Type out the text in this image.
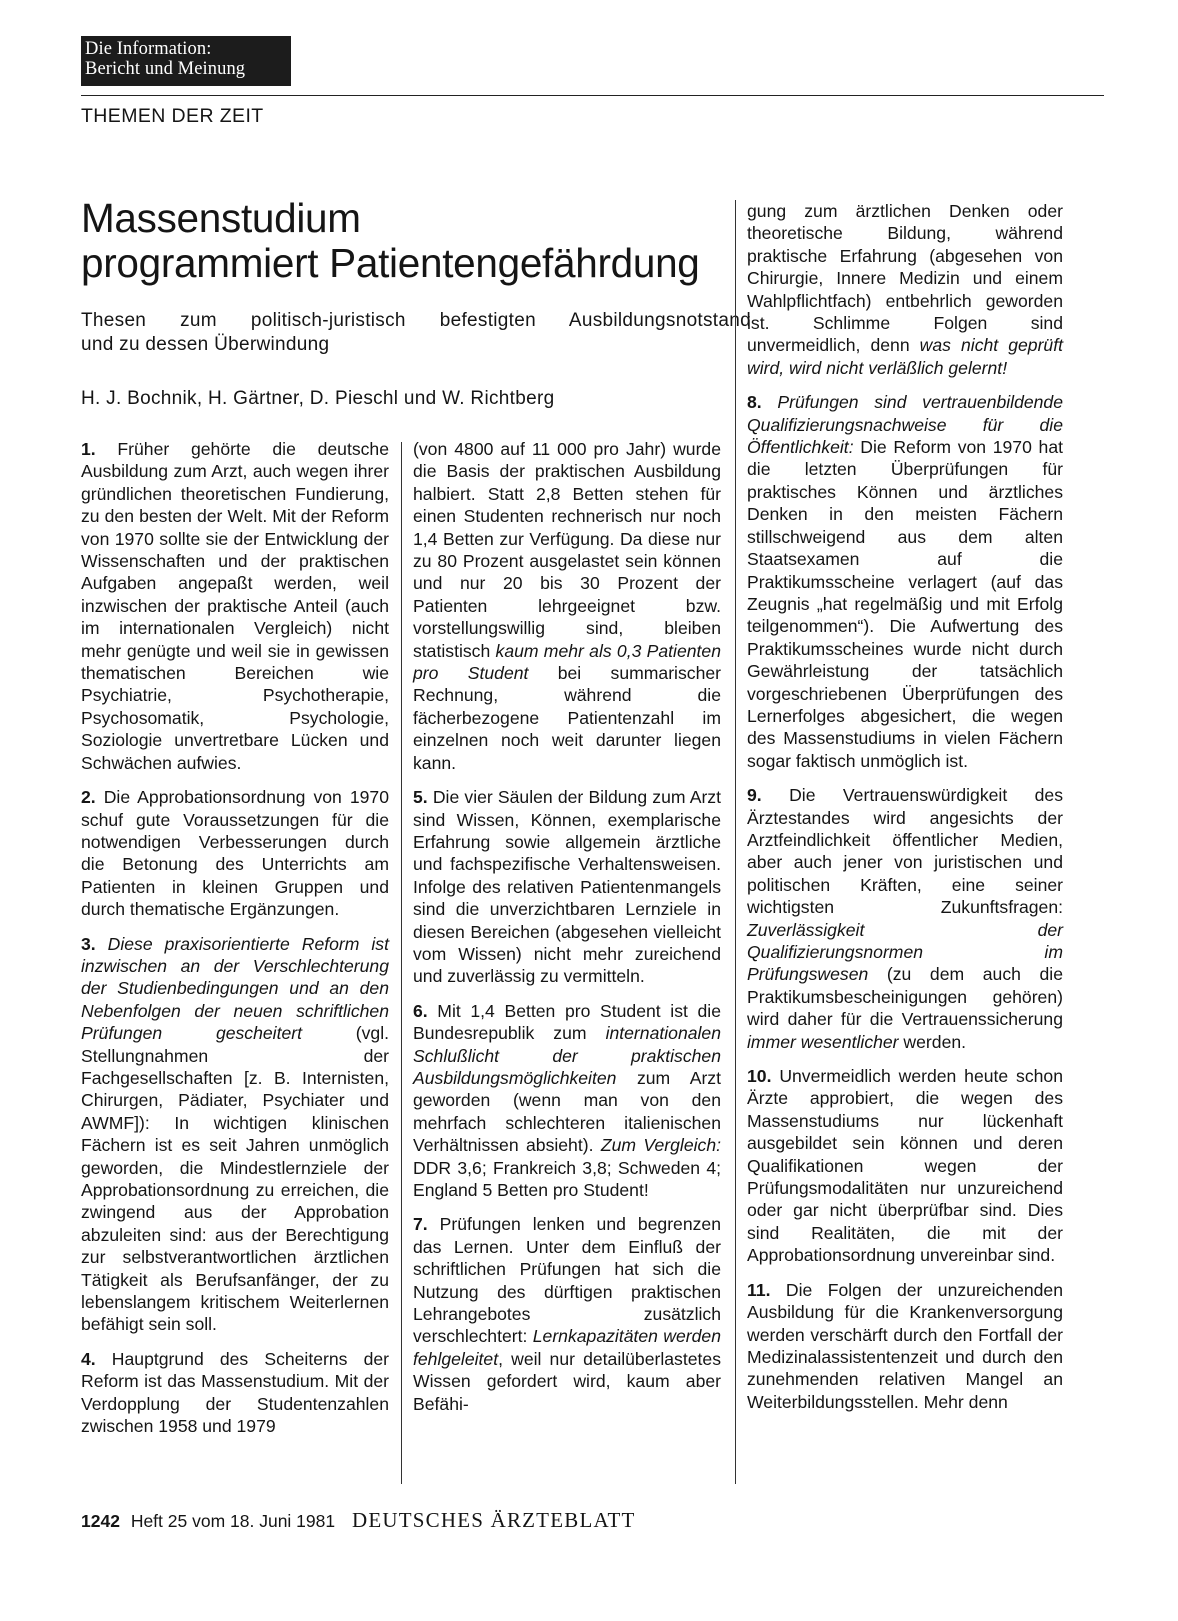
Die Information:
Bericht und Meinung
THEMEN DER ZEIT
Massenstudium
programmiert Patientengefährdung
Thesen zum politisch-juristisch befestigten Ausbildungsnotstand
und zu dessen Überwindung
H. J. Bochnik, H. Gärtner, D. Pieschl und W. Richtberg

1. Früher gehörte die deutsche Ausbildung zum Arzt, auch wegen ihrer gründlichen theoretischen Fundierung, zu den besten der Welt. Mit der Reform von 1970 sollte sie der Entwicklung der Wissenschaften und der praktischen Aufgaben angepaßt werden, weil inzwischen der praktische Anteil (auch im internationalen Vergleich) nicht mehr genügte und weil sie in gewissen thematischen Bereichen wie Psychiatrie, Psychotherapie, Psychosomatik, Psychologie, Soziologie unvertretbare Lücken und Schwächen aufwies.

2. Die Approbationsordnung von 1970 schuf gute Voraussetzungen für die notwendigen Verbesserungen durch die Betonung des Unterrichts am Patienten in kleinen Gruppen und durch thematische Ergänzungen.

3. Diese praxisorientierte Reform ist inzwischen an der Verschlechterung der Studienbedingungen und an den Nebenfolgen der neuen schriftlichen Prüfungen gescheitert (vgl. Stellungnahmen der Fachgesellschaften [z. B. Internisten, Chirurgen, Pädiater, Psychiater und AWMF]): In wichtigen klinischen Fächern ist es seit Jahren unmöglich geworden, die Mindestlernziele der Approbationsordnung zu erreichen, die zwingend aus der Approbation abzuleiten sind: aus der Berechtigung zur selbstverantwortlichen ärztlichen Tätigkeit als Berufsanfänger, der zu lebenslangem kritischem Weiterlernen befähigt sein soll.

4. Hauptgrund des Scheiterns der Reform ist das Massenstudium. Mit der Verdopplung der Studentenzahlen zwischen 1958 und 1979

(von 4800 auf 11 000 pro Jahr) wurde die Basis der praktischen Ausbildung halbiert. Statt 2,8 Betten stehen für einen Studenten rechnerisch nur noch 1,4 Betten zur Verfügung. Da diese nur zu 80 Prozent ausgelastet sein können und nur 20 bis 30 Prozent der Patienten lehrgeeignet bzw. vorstellungswillig sind, bleiben statistisch kaum mehr als 0,3 Patienten pro Student bei summarischer Rechnung, während die fächerbezogene Patientenzahl im einzelnen noch weit darunter liegen kann.

5. Die vier Säulen der Bildung zum Arzt sind Wissen, Können, exemplarische Erfahrung sowie allgemein ärztliche und fachspezifische Verhaltensweisen. Infolge des relativen Patientenmangels sind die unverzichtbaren Lernziele in diesen Bereichen (abgesehen vielleicht vom Wissen) nicht mehr zureichend und zuverlässig zu vermitteln.

6. Mit 1,4 Betten pro Student ist die Bundesrepublik zum internationalen Schlußlicht der praktischen Ausbildungsmöglichkeiten zum Arzt geworden (wenn man von den mehrfach schlechteren italienischen Verhältnissen absieht). Zum Vergleich: DDR 3,6; Frankreich 3,8; Schweden 4; England 5 Betten pro Student!

7. Prüfungen lenken und begrenzen das Lernen. Unter dem Einfluß der schriftlichen Prüfungen hat sich die Nutzung des dürftigen praktischen Lehrangebotes zusätzlich verschlechtert: Lernkapazitäten werden fehlgeleitet, weil nur detailüberlastetes Wissen gefordert wird, kaum aber Befähi-

gung zum ärztlichen Denken oder theoretische Bildung, während praktische Erfahrung (abgesehen von Chirurgie, Innere Medizin und einem Wahlpflichtfach) entbehrlich geworden ist. Schlimme Folgen sind unvermeidlich, denn was nicht geprüft wird, wird nicht verläßlich gelernt!

8. Prüfungen sind vertrauenbildende Qualifizierungsnachweise für die Öffentlichkeit: Die Reform von 1970 hat die letzten Überprüfungen für praktisches Können und ärztliches Denken in den meisten Fächern stillschweigend aus dem alten Staatsexamen auf die Praktikumsscheine verlagert (auf das Zeugnis „hat regelmäßig und mit Erfolg teilgenommen“). Die Aufwertung des Praktikumsscheines wurde nicht durch Gewährleistung der tatsächlich vorgeschriebenen Überprüfungen des Lernerfolges abgesichert, die wegen des Massenstudiums in vielen Fächern sogar faktisch unmöglich ist.

9. Die Vertrauenswürdigkeit des Ärztestandes wird angesichts der Arztfeindlichkeit öffentlicher Medien, aber auch jener von juristischen und politischen Kräften, eine seiner wichtigsten Zukunftsfragen: Zuverlässigkeit der Qualifizierungsnormen im Prüfungswesen (zu dem auch die Praktikumsbescheinigungen gehören) wird daher für die Vertrauenssicherung immer wesentlicher werden.

10. Unvermeidlich werden heute schon Ärzte approbiert, die wegen des Massenstudiums nur lückenhaft ausgebildet sein können und deren Qualifikationen wegen der Prüfungsmodalitäten nur unzureichend oder gar nicht überprüfbar sind. Dies sind Realitäten, die mit der Approbationsordnung unvereinbar sind.

11. Die Folgen der unzureichenden Ausbildung für die Krankenversorgung werden verschärft durch den Fortfall der Medizinalassistentenzeit und durch den zunehmenden relativen Mangel an Weiterbildungsstellen. Mehr denn

1242 Heft 25 vom 18. Juni 1981 DEUTSCHES ÄRZTEBLATT
